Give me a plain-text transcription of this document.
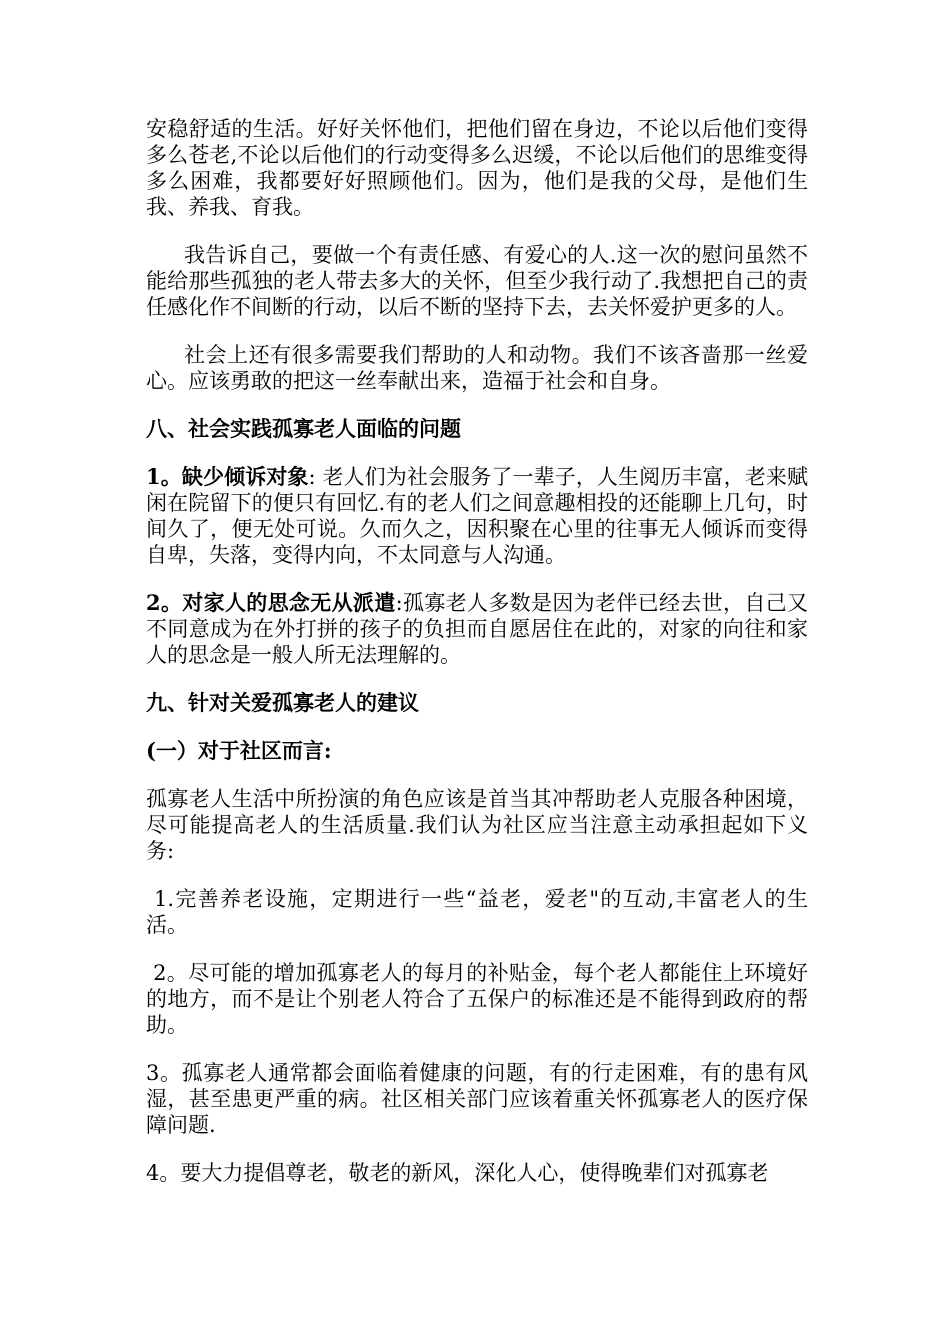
安稳舒适的生活。好好关怀他们，把他们留在身边，不论以后他们变得多么苍老,不论以后他们的行动变得多么迟缓，不论以后他们的思维变得多么困难，我都要好好照顾他们。因为，他们是我的父母，是他们生我、养我、育我。

我告诉自己，要做一个有责任感、有爱心的人.这一次的慰问虽然不能给那些孤独的老人带去多大的关怀，但至少我行动了.我想把自己的责任感化作不间断的行动，以后不断的坚持下去，去关怀爱护更多的人。

社会上还有很多需要我们帮助的人和动物。我们不该吝啬那一丝爱心。应该勇敢的把这一丝奉献出来，造福于社会和自身。

八、社会实践孤寡老人面临的问题

1。缺少倾诉对象: 老人们为社会服务了一辈子，人生阅历丰富，老来赋闲在院留下的便只有回忆.有的老人们之间意趣相投的还能聊上几句，时间久了，便无处可说。久而久之，因积聚在心里的往事无人倾诉而变得自卑，失落，变得内向，不太同意与人沟通。

2。对家人的思念无从派遣:孤寡老人多数是因为老伴已经去世，自己又不同意成为在外打拼的孩子的负担而自愿居住在此的，对家的向往和家人的思念是一般人所无法理解的。

九、针对关爱孤寡老人的建议

(一）对于社区而言:

孤寡老人生活中所扮演的角色应该是首当其冲帮助老人克服各种困境，尽可能提高老人的生活质量.我们认为社区应当注意主动承担起如下义务:

1.完善养老设施，定期进行一些“益老，爱老"的互动,丰富老人的生活。

2。尽可能的增加孤寡老人的每月的补贴金，每个老人都能住上环境好的地方，而不是让个别老人符合了五保户的标准还是不能得到政府的帮助。

3。孤寡老人通常都会面临着健康的问题，有的行走困难，有的患有风湿，甚至患更严重的病。社区相关部门应该着重关怀孤寡老人的医疗保障问题.

4。要大力提倡尊老，敬老的新风，深化人心，使得晚辈们对孤寡老
